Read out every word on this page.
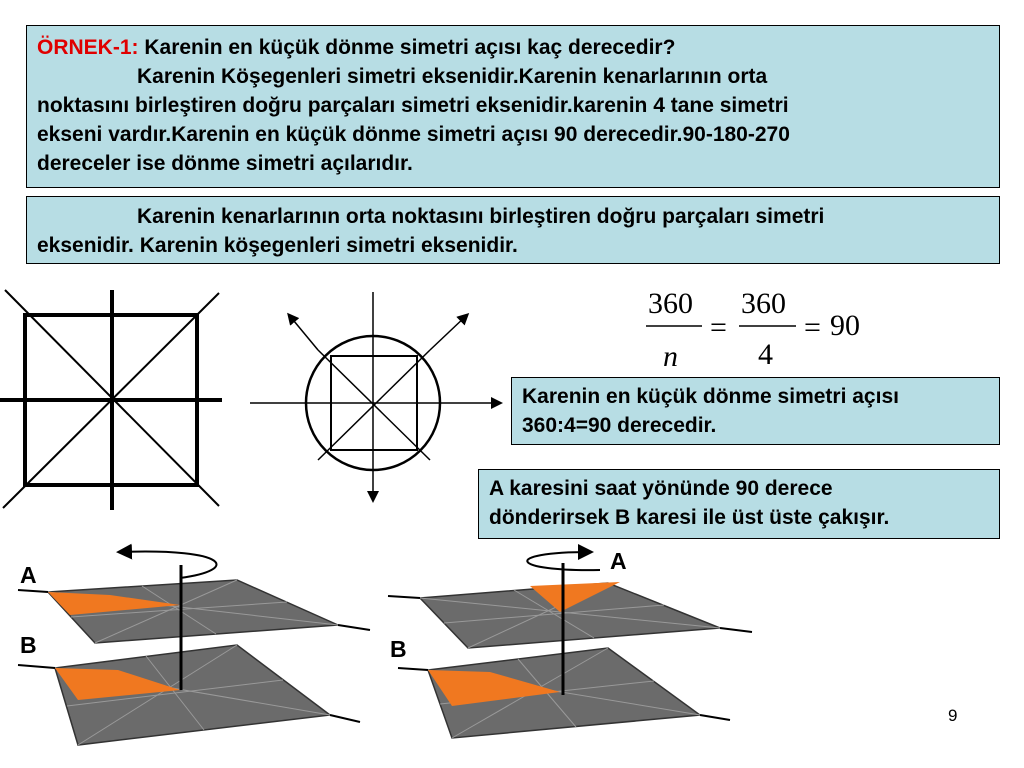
ÖRNEK-1: Karenin en küçük dönme simetri açısı kaç derecedir?
Karenin Köşegenleri simetri eksenidir.Karenin kenarlarının orta
noktasını birleştiren doğru parçaları simetri eksenidir.karenin 4 tane simetri
ekseni vardır.Karenin en küçük dönme simetri açısı 90 derecedir.90-180-270
dereceler ise dönme simetri açılarıdır.
Karenin kenarlarının orta noktasını birleştiren doğru parçaları simetri
eksenidir. Karenin köşegenleri simetri eksenidir.
Karenin en küçük dönme simetri açısı
360:4=90 derecedir.
A karesini saat yönünde 90 derece
dönderirsek B karesi ile üst üste çakışır.
360
n
=
360
4
= 90
A
B
A
B
9
